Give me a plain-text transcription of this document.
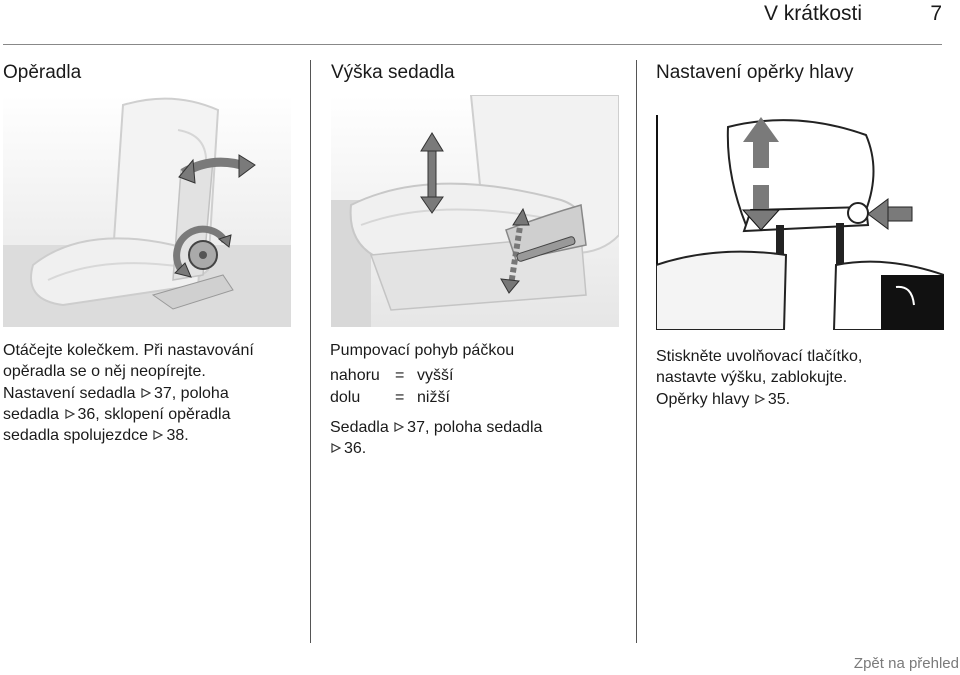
V krátkosti	7
Opěradla

Otáčejte kolečkem. Při nastavování
opěradla se o něj neopírejte.

Nastavení sedadla 37, poloha
sedadla 36, sklopení opěradla
sedadla spolujezdce 38.

Výška sedadla

Pumpovací pohyb páčkou

nahoru = vyšší
dolu	= nižší

Sedadla 37, poloha sedadla

36.

Nastavení opěrky hlavy

Stiskněte uvolňovací tlačítko,
nastavte výšku, zablokujte.

Opěrky hlavy 35.

Zpět na přehled
